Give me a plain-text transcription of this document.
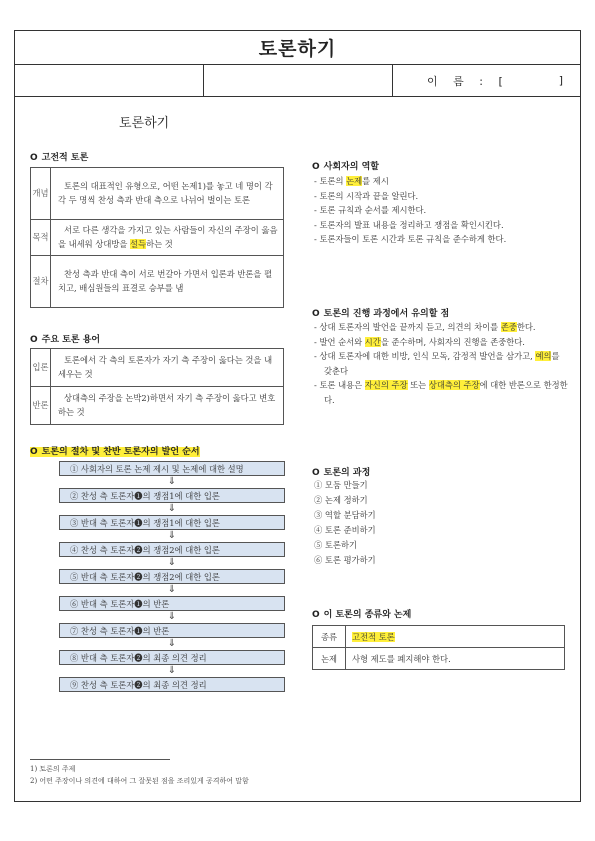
토론하기
이 름 : [	]
토론하기
O 고전적 토론
개념	토론의 대표적인 유형으로, 어떤 논제1)를 놓고 네 명이 각각 두 명씩 찬성 측과 반대 측으로 나뉘어 벌이는 토론
목적	서로 다른 생각을 가지고 있는 사람들이 자신의 주장이 옳음을 내세워 상대방을 설득하는 것
절차	찬성 측과 반대 측이 서로 번갈아 가면서 입론과 반론을 펼치고, 배심원들의 표결로 승부를 냄
O 주요 토론 용어
입론	토론에서 각 측의 토론자가 자기 측 주장이 옳다는 것을 내세우는 것
반론	상대측의 주장을 논박2)하면서 자기 측 주장이 옳다고 변호하는 것
O 토론의 절차 및 찬반 토론자의 발언 순서
① 사회자의 토론 논제 제시 및 논제에 대한 설명
⇓
② 찬성 측 토론자❶의 쟁점1에 대한 입론
⇓
③ 반대 측 토론자❶의 쟁점1에 대한 입론
⇓
④ 찬성 측 토론자❷의 쟁점2에 대한 입론
⇓
⑤ 반대 측 토론자❷의 쟁점2에 대한 입론
⇓
⑥ 반대 측 토론자❶의 반론
⇓
⑦ 찬성 측 토론자❶의 반론
⇓
⑧ 반대 측 토론자❷의 최종 의견 정리
⇓
⑨ 찬성 측 토론자❷의 최종 의견 정리
O 사회자의 역할
- 토론의 논제를 제시
- 토론의 시작과 끝을 알린다.
- 토론 규칙과 순서를 제시한다.
- 토론자의 발표 내용을 정리하고 쟁점을 확인시킨다.
- 토론자들이 토론 시간과 토론 규칙을 준수하게 한다.
O 토론의 진행 과정에서 유의할 점
- 상대 토론자의 발언을 끝까지 듣고, 의견의 차이를 존중한다.
- 발언 순서와 시간을 준수하며, 사회자의 진행을 존중한다.
- 상대 토론자에 대한 비방, 인식 모독, 감정적 발언을 삼가고, 예의를 갖춘다
- 토론 내용은 자신의 주장 또는 상대측의 주장에 대한 반론으로 한정한다.
O 토론의 과정
① 모둠 만들기
② 논제 정하기
③ 역할 분담하기
④ 토론 준비하기
⑤ 토론하기
⑥ 토론 평가하기
O 이 토론의 종류와 논제
종류	고전적 토론
논제	사형 제도를 폐지해야 한다.
1) 토론의 주제
2) 어떤 주장이나 의견에 대하여 그 잘못된 점을 조리있게 공격하여 말함
